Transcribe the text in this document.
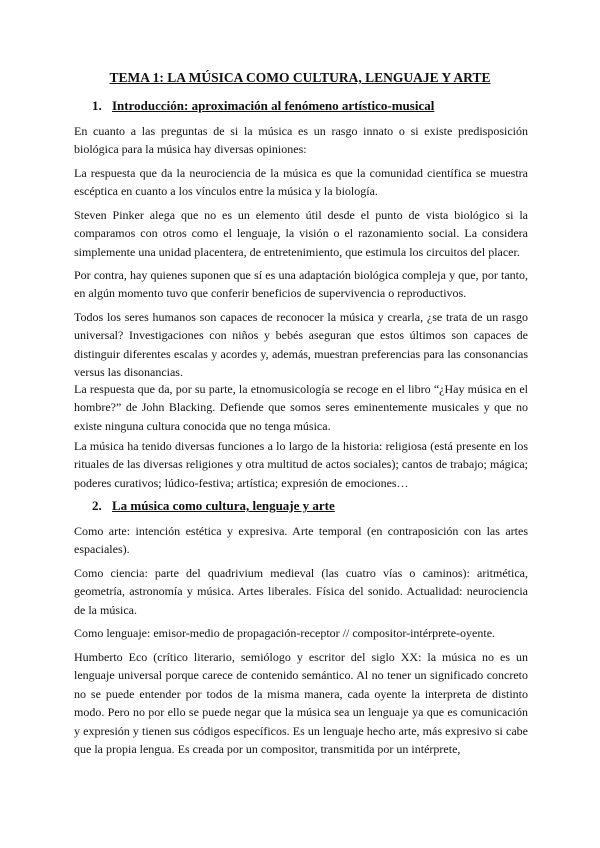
TEMA 1: LA MÚSICA COMO CULTURA, LENGUAJE Y ARTE
1. Introducción: aproximación al fenómeno artístico-musical

En cuanto a las preguntas de si la música es un rasgo innato o si existe predisposición biológica para la música hay diversas opiniones:

La respuesta que da la neurociencia de la música es que la comunidad científica se muestra escéptica en cuanto a los vínculos entre la música y la biología.

Steven Pinker alega que no es un elemento útil desde el punto de vista biológico si la comparamos con otros como el lenguaje, la visión o el razonamiento social. La considera simplemente una unidad placentera, de entretenimiento, que estimula los circuitos del placer.

Por contra, hay quienes suponen que sí es una adaptación biológica compleja y que, por tanto, en algún momento tuvo que conferir beneficios de supervivencia o reproductivos.

Todos los seres humanos son capaces de reconocer la música y crearla, ¿se trata de un rasgo universal? Investigaciones con niños y bebés aseguran que estos últimos son capaces de distinguir diferentes escalas y acordes y, además, muestran preferencias para las consonancias versus las disonancias.

La respuesta que da, por su parte, la etnomusicología se recoge en el libro “¿Hay música en el hombre?” de John Blacking. Defiende que somos seres eminentemente musicales y que no existe ninguna cultura conocida que no tenga música.

La música ha tenido diversas funciones a lo largo de la historia: religiosa (está presente en los rituales de las diversas religiones y otra multitud de actos sociales); cantos de trabajo; mágica; poderes curativos; lúdico-festiva; artística; expresión de emociones…

2. La música como cultura, lenguaje y arte

Como arte: intención estética y expresiva. Arte temporal (en contraposición con las artes espaciales).

Como ciencia: parte del quadrivium medieval (las cuatro vías o caminos): aritmética, geometría, astronomía y música. Artes liberales. Física del sonido. Actualidad: neurociencia de la música.

Como lenguaje: emisor-medio de propagación-receptor // compositor-intérprete-oyente.

Humberto Eco (crítico literario, semiólogo y escritor del siglo XX: la música no es un lenguaje universal porque carece de contenido semántico. Al no tener un significado concreto no se puede entender por todos de la misma manera, cada oyente la interpreta de distinto modo. Pero no por ello se puede negar que la música sea un lenguaje ya que es comunicación y expresión y tienen sus códigos específicos. Es un lenguaje hecho arte, más expresivo si cabe que la propia lengua. Es creada por un compositor, transmitida por un intérprete,
